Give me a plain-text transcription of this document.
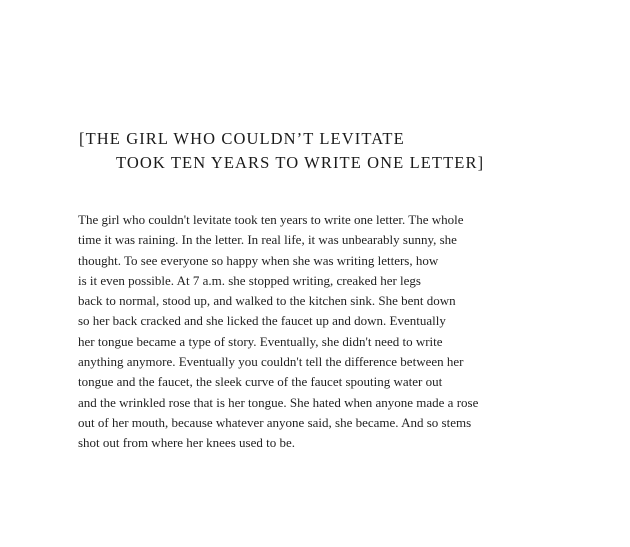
[THE GIRL WHO COULDN’T LEVITATE
TOOK TEN YEARS TO WRITE ONE LETTER]
The girl who couldn't levitate took ten years to write one letter. The whole
time it was raining. In the letter. In real life, it was unbearably sunny, she
thought. To see everyone so happy when she was writing letters, how
is it even possible. At 7 a.m. she stopped writing, creaked her legs
back to normal, stood up, and walked to the kitchen sink. She bent down
so her back cracked and she licked the faucet up and down. Eventually
her tongue became a type of story. Eventually, she didn't need to write
anything anymore. Eventually you couldn't tell the difference between her
tongue and the faucet, the sleek curve of the faucet spouting water out
and the wrinkled rose that is her tongue. She hated when anyone made a rose
out of her mouth, because whatever anyone said, she became. And so stems
shot out from where her knees used to be.
